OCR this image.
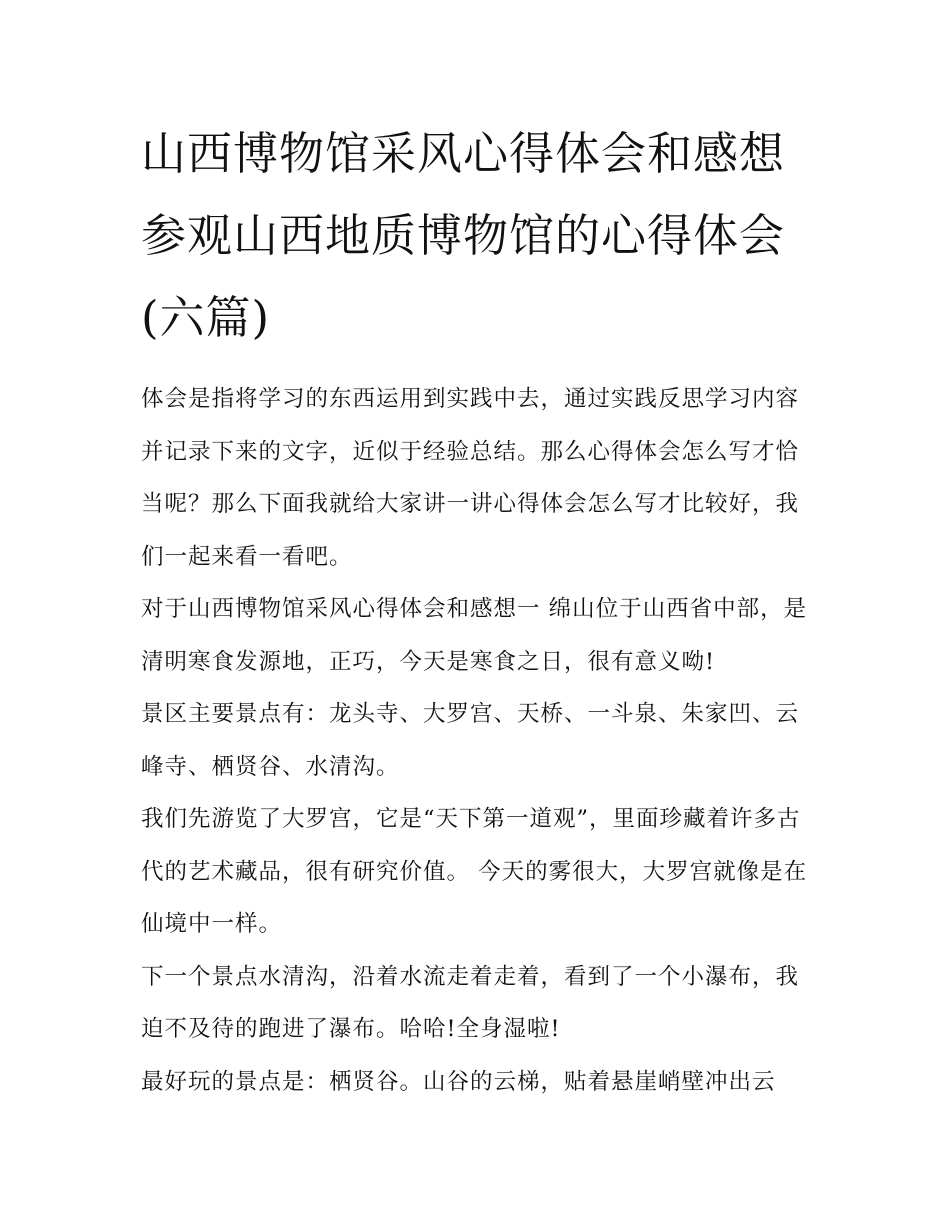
山西博物馆采风心得体会和感想 参观山西地质博物馆的心得体会(六篇)

体会是指将学习的东西运用到实践中去，通过实践反思学习内容并记录下来的文字，近似于经验总结。那么心得体会怎么写才恰当呢？那么下面我就给大家讲一讲心得体会怎么写才比较好，我们一起来看一看吧。

对于山西博物馆采风心得体会和感想一 绵山位于山西省中部，是清明寒食发源地，正巧，今天是寒食之日，很有意义呦!

景区主要景点有：龙头寺、大罗宫、天桥、一斗泉、朱家凹、云峰寺、栖贤谷、水清沟。

我们先游览了大罗宫，它是“天下第一道观”，里面珍藏着许多古代的艺术藏品，很有研究价值。 今天的雾很大，大罗宫就像是在仙境中一样。

下一个景点水清沟，沿着水流走着走着，看到了一个小瀑布，我迫不及待的跑进了瀑布。哈哈!全身湿啦!

最好玩的景点是：栖贤谷。山谷的云梯，贴着悬崖峭壁冲出云
